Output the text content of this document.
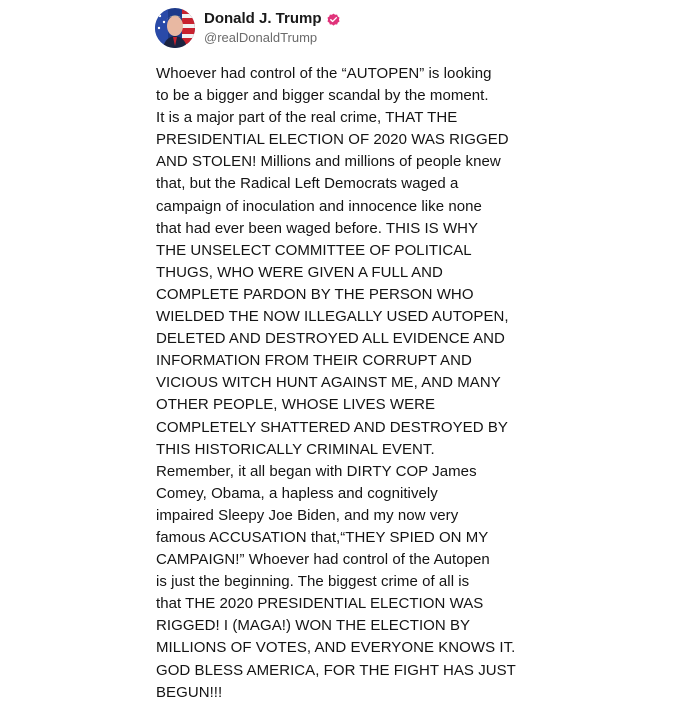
Donald J. Trump
@realDonaldTrump
Whoever had control of the “AUTOPEN” is looking
to be a bigger and bigger scandal by the moment.
It is a major part of the real crime, THAT THE
PRESIDENTIAL ELECTION OF 2020 WAS RIGGED
AND STOLEN! Millions and millions of people knew
that, but the Radical Left Democrats waged a
campaign of inoculation and innocence like none
that had ever been waged before. THIS IS WHY
THE UNSELECT COMMITTEE OF POLITICAL
THUGS, WHO WERE GIVEN A FULL AND
COMPLETE PARDON BY THE PERSON WHO
WIELDED THE NOW ILLEGALLY USED AUTOPEN,
DELETED AND DESTROYED ALL EVIDENCE AND
INFORMATION FROM THEIR CORRUPT AND
VICIOUS WITCH HUNT AGAINST ME, AND MANY
OTHER PEOPLE, WHOSE LIVES WERE
COMPLETELY SHATTERED AND DESTROYED BY
THIS HISTORICALLY CRIMINAL EVENT.
Remember, it all began with DIRTY COP James
Comey, Obama, a hapless and cognitively
impaired Sleepy Joe Biden, and my now very
famous ACCUSATION that,“THEY SPIED ON MY
CAMPAIGN!” Whoever had control of the Autopen
is just the beginning. The biggest crime of all is
that THE 2020 PRESIDENTIAL ELECTION WAS
RIGGED! I (MAGA!) WON THE ELECTION BY
MILLIONS OF VOTES, AND EVERYONE KNOWS IT.
GOD BLESS AMERICA, FOR THE FIGHT HAS JUST
BEGUN!!!
